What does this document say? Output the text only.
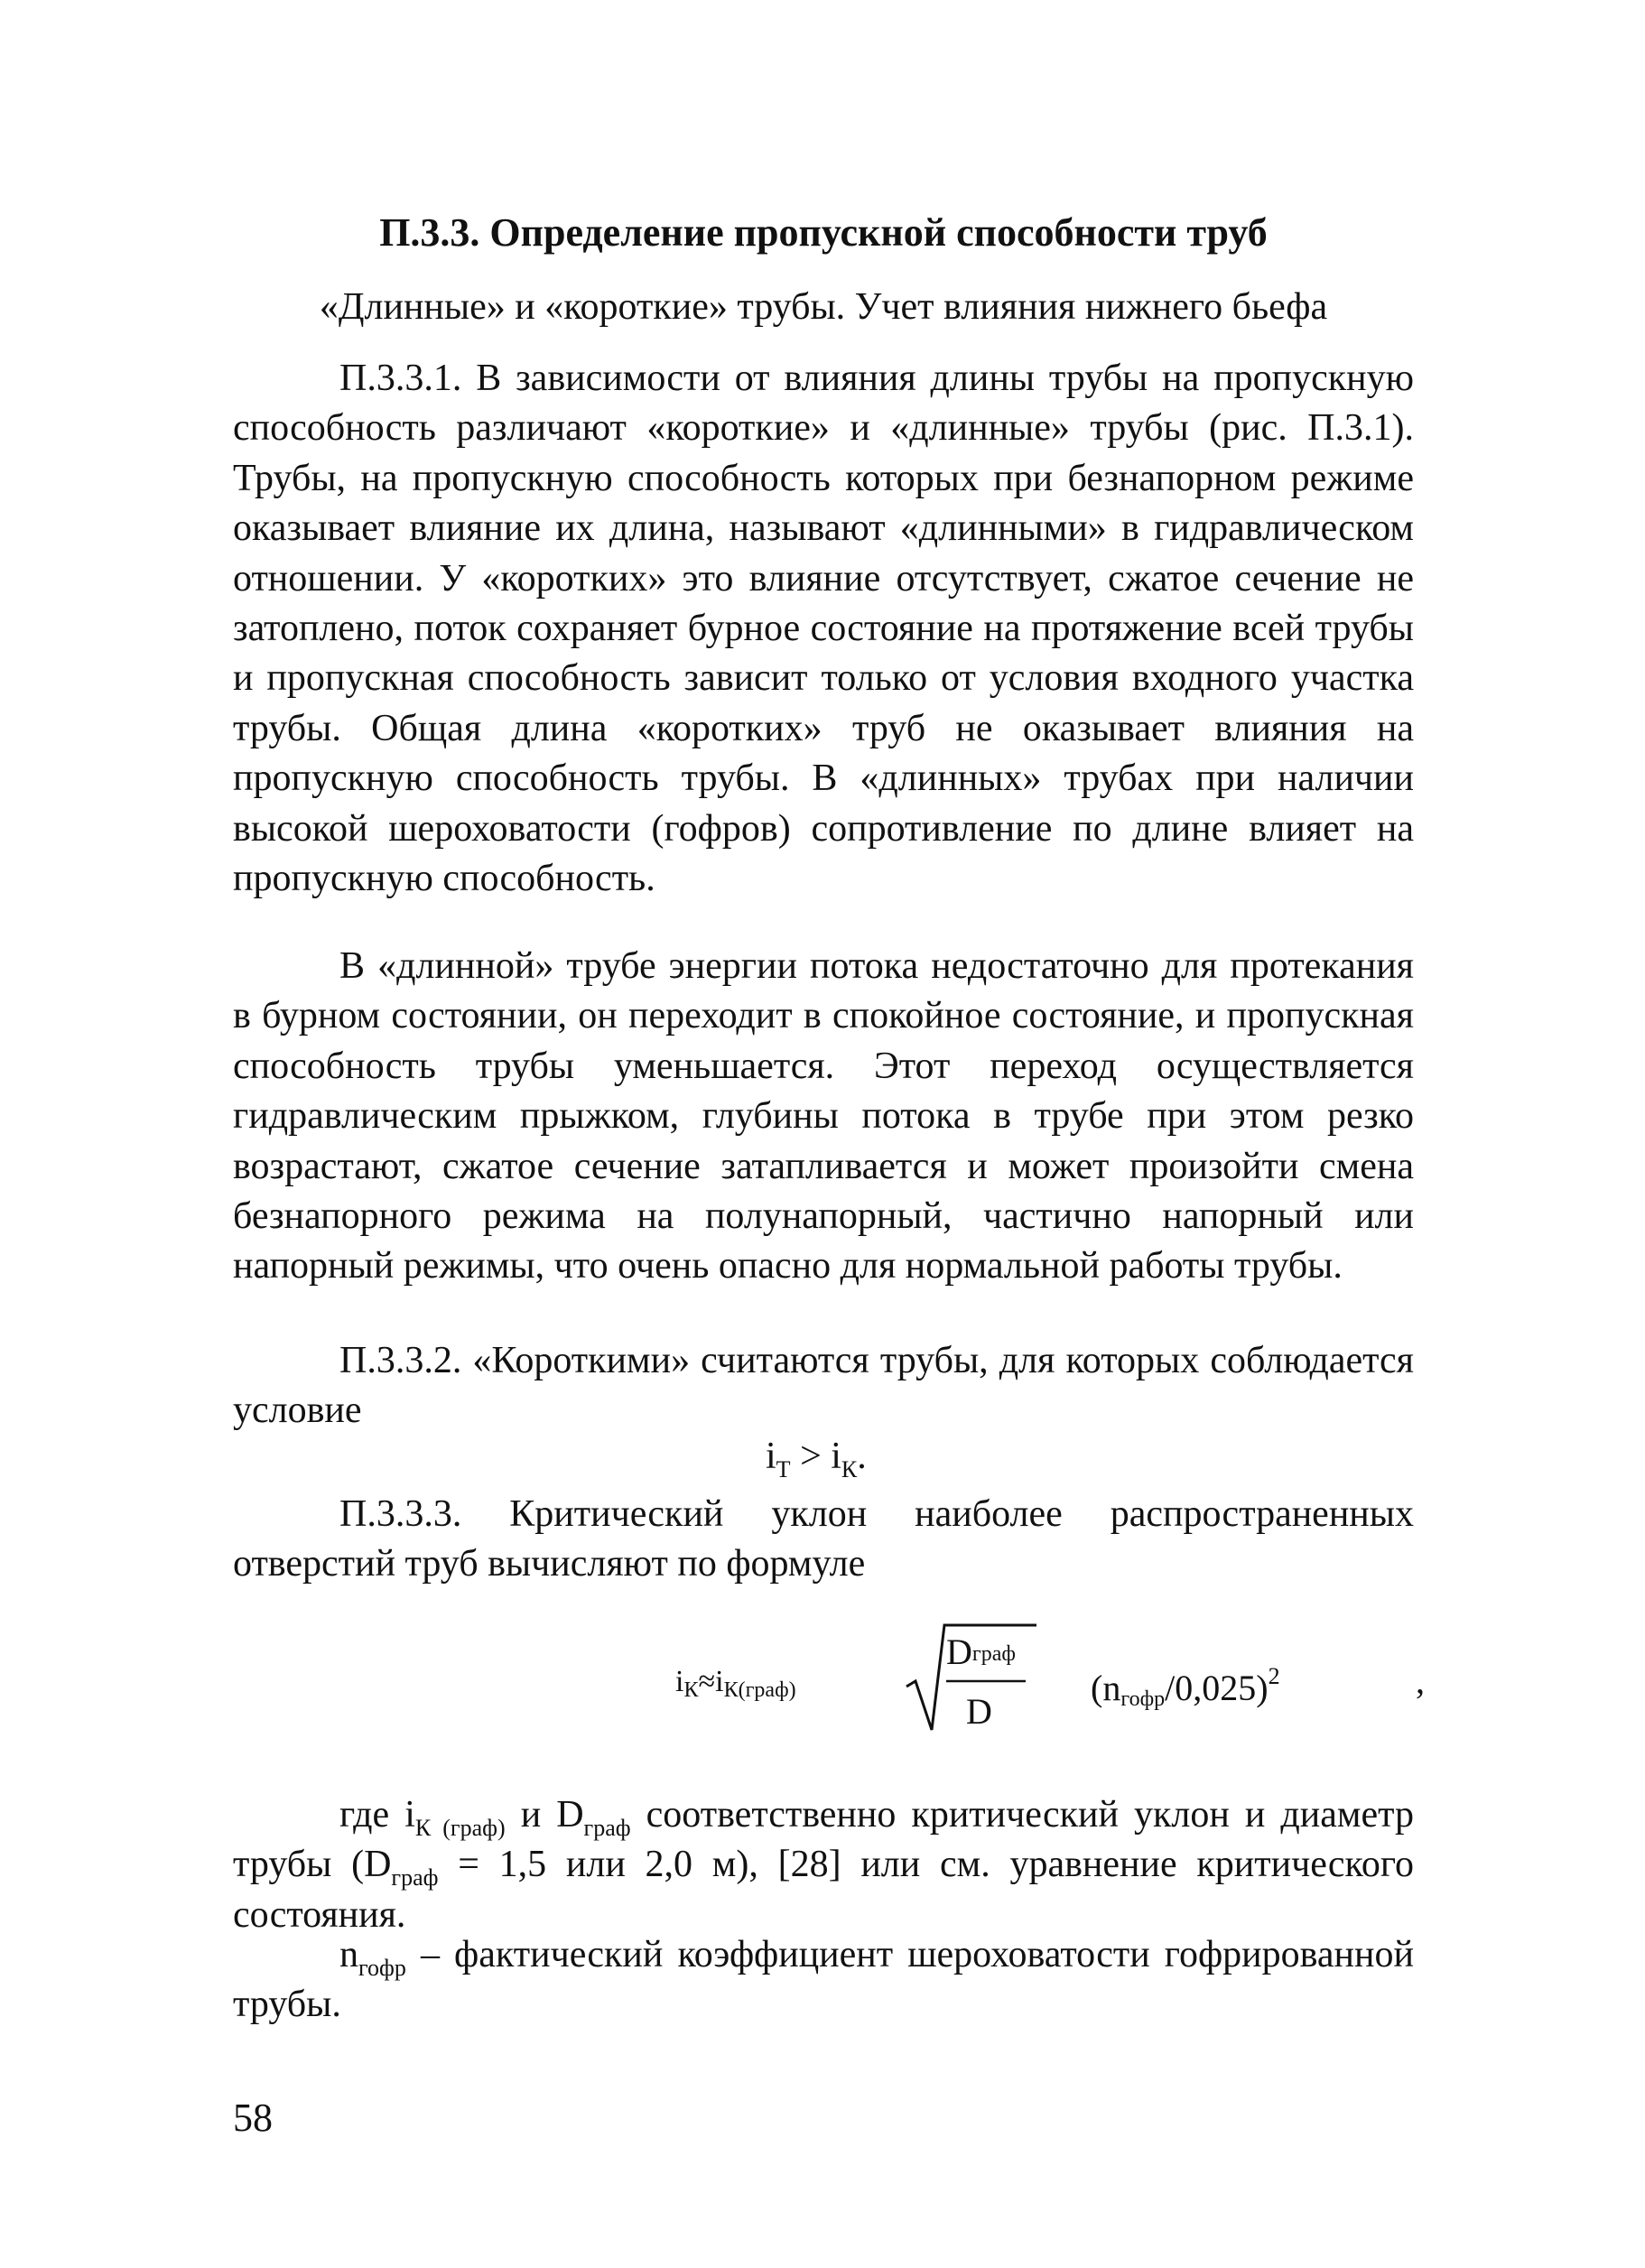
П.3.3. Определение пропускной способности труб
«Длинные» и «короткие» трубы. Учет влияния нижнего бьефа

П.3.3.1. В зависимости от влияния длины трубы на пропускную способность различают «короткие» и «длинные» трубы (рис. П.3.1). Трубы, на пропускную способность которых при безнапорном режиме оказывает влияние их длина, называют «длинными» в гидравлическом отношении. У «коротких» это влияние отсутствует, сжатое сечение не затоплено, поток сохраняет бурное состояние на протяжение всей трубы и пропускная способность зависит только от условия входного участка трубы. Общая длина «коротких» труб не оказывает влияния на пропускную способность трубы. В «длинных» трубах при наличии высокой шероховатости (гофров) сопротивление по длине влияет на пропускную способность.

В «длинной» трубе энергии потока недостаточно для протекания в бурном состоянии, он переходит в спокойное состояние, и пропускная способность трубы уменьшается. Этот переход осуществляется гидравлическим прыжком, глубины потока в трубе при этом резко возрастают, сжатое сечение затапливается и может произойти смена безнапорного режима на полунапорный, частично напорный или напорный режимы, что очень опасно для нормальной работы трубы.

П.3.3.2. «Короткими» считаются трубы, для которых соблюдается условие

$i_Т > i_К$.

П.3.3.3. Критический уклон наиболее распространенных отверстий труб вычисляют по формуле

$i_К\approx i_{К(граф)}$
$D_{граф}$
D
$(n_{гофр}/0,025)^2$	,

где $i_{К (граф)}$ и $D_{граф}$ соответственно критический уклон и диаметр трубы ($D_{граф} = 1,5$ или 2,0 м), [28] или см. уравнение критического состояния.

$n_{гофр}$ – фактический коэффициент шероховатости гофрированной трубы.

58
